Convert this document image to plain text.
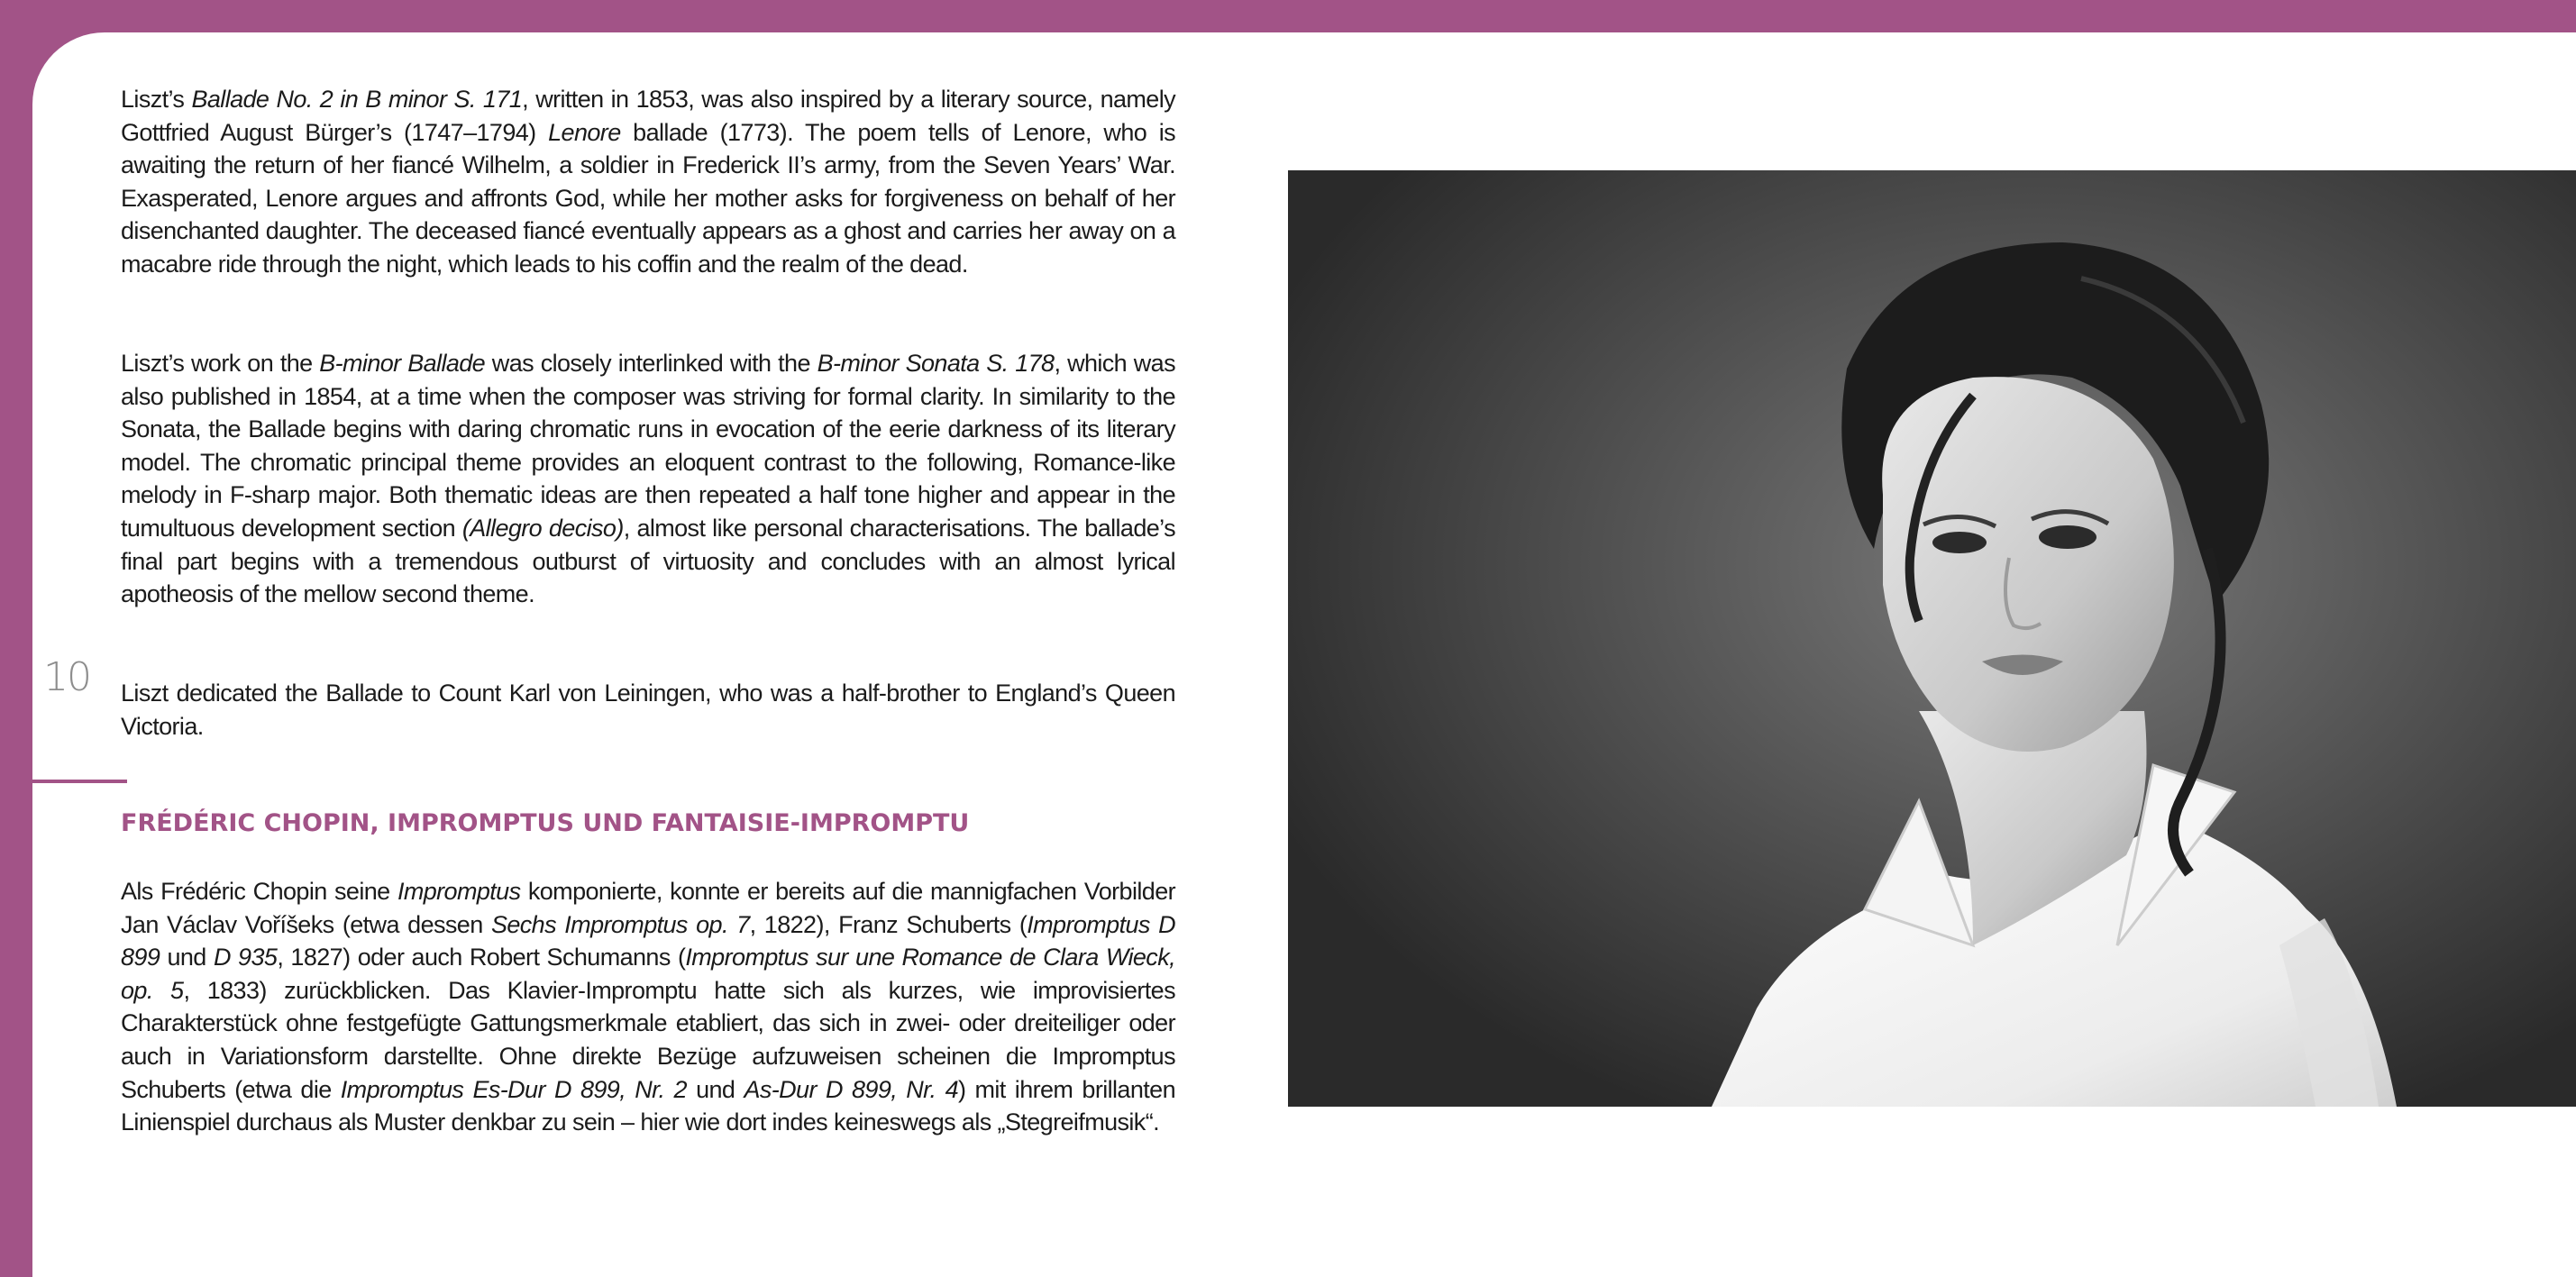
10

Liszt’s Ballade No. 2 in B minor S. 171, written in 1853, was also inspired by a literary source, namely Gottfried August Bürger’s (1747–1794) Lenore ballade (1773). The poem tells of Lenore, who is awaiting the return of her fiancé Wilhelm, a soldier in Frederick II’s army, from the Seven Years’ War. Exasperated, Lenore argues and affronts God, while her mother asks for forgiveness on behalf of her disenchanted daughter. The deceased fiancé eventually appears as a ghost and carries her away on a macabre ride through the night, which leads to his coffin and the realm of the dead.

Liszt’s work on the B-minor Ballade was closely interlinked with the B-minor Sonata S. 178, which was also published in 1854, at a time when the composer was striving for formal clarity. In similarity to the Sonata, the Ballade begins with daring chromatic runs in evocation of the eerie darkness of its literary model. The chromatic principal theme provides an eloquent contrast to the following, Romance-like melody in F-sharp major. Both thematic ideas are then repeated a half tone higher and appear in the tumultuous development section (Allegro deciso), almost like personal characterisations. The ballade’s final part begins with a tremendous outburst of virtuosity and concludes with an almost lyrical apotheosis of the mellow second theme.

Liszt dedicated the Ballade to Count Karl von Leiningen, who was a half-brother to England’s Queen Victoria.

FRÉDÉRIC CHOPIN, IMPROMPTUS UND FANTAISIE-IMPROMPTU

Als Frédéric Chopin seine Impromptus komponierte, konnte er bereits auf die mannigfachen Vorbilder Jan Václav Voříšeks (etwa dessen Sechs Impromptus op. 7, 1822), Franz Schuberts (Impromptus D 899 und D 935, 1827) oder auch Robert Schumanns (Impromptus sur une Romance de Clara Wieck, op. 5, 1833) zurückblicken. Das Klavier-Impromptu hatte sich als kurzes, wie improvisiertes Charakterstück ohne festgefügte Gattungsmerkmale etabliert, das sich in zwei- oder dreiteiliger oder auch in Variationsform darstellte. Ohne direkte Bezüge aufzuweisen scheinen die Impromptus Schuberts (etwa die Impromptus Es-Dur D 899, Nr. 2 und As-Dur D 899, Nr. 4) mit ihrem brillanten Linienspiel durchaus als Muster denkbar zu sein – hier wie dort indes keineswegs als „Stegreifmusik“.
